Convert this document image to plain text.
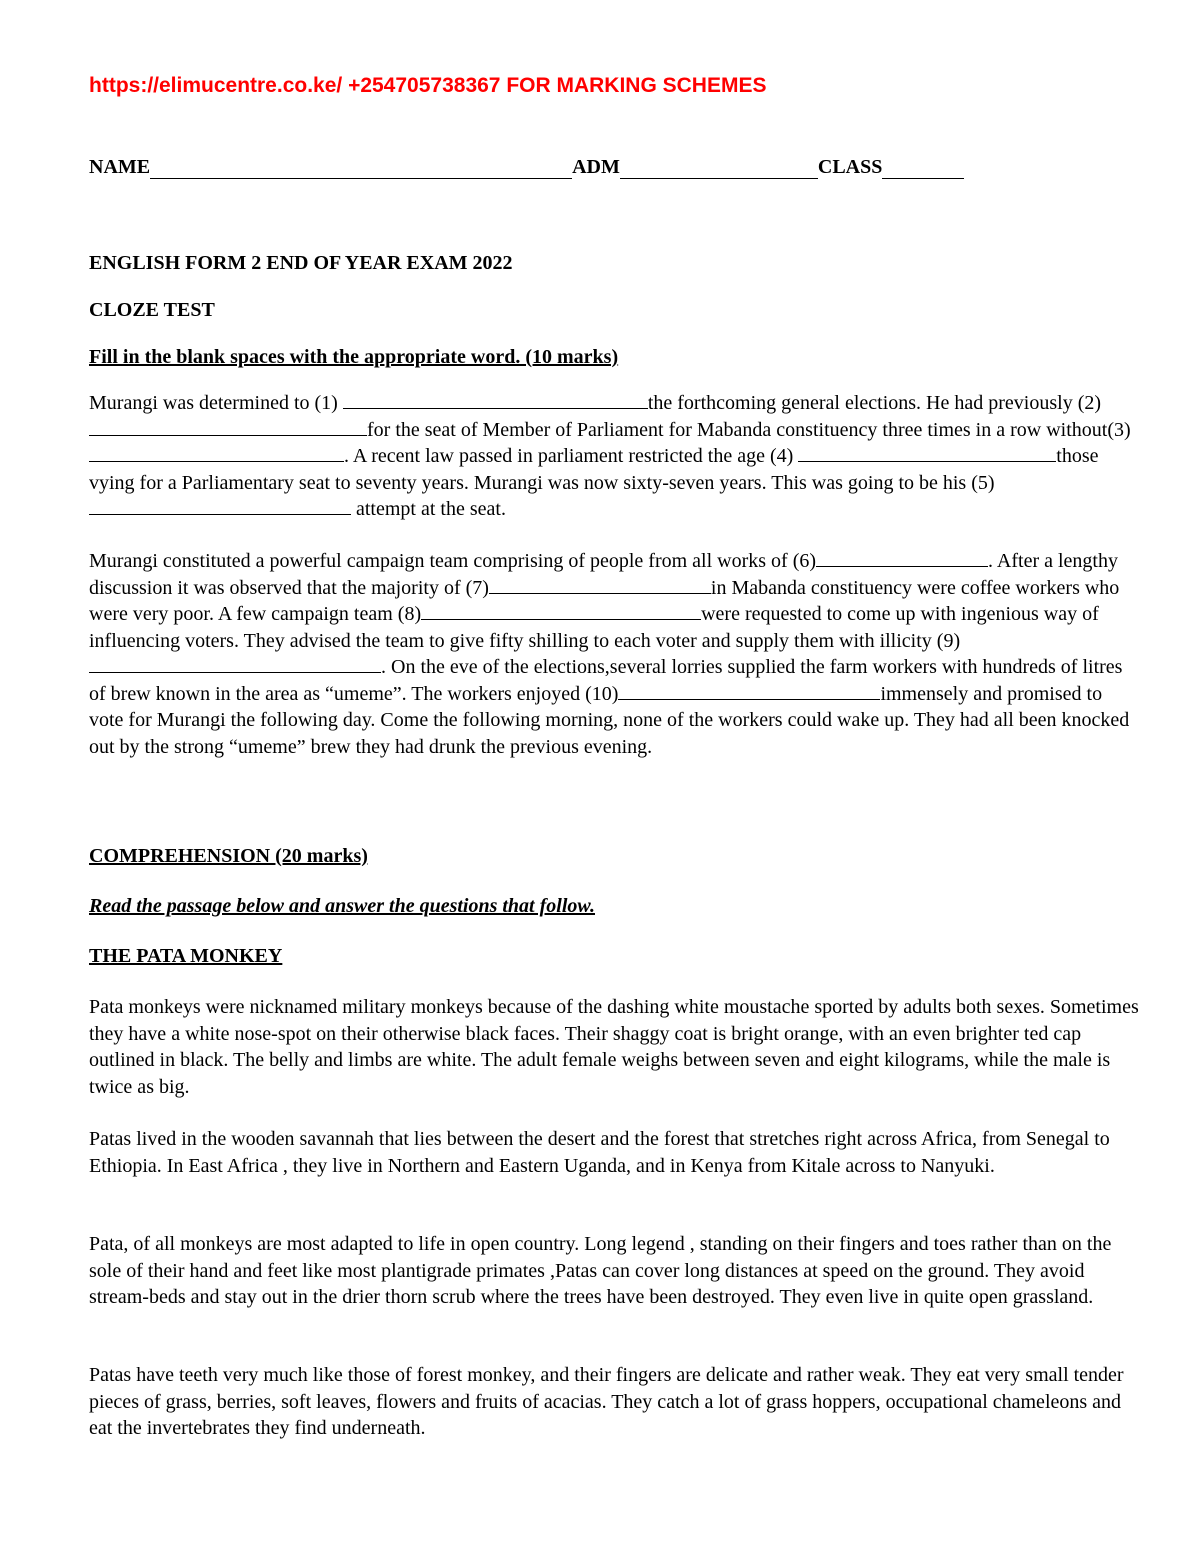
https://elimucentre.co.ke/ +254705738367 FOR MARKING SCHEMES
NAME	ADM	CLASS
ENGLISH FORM 2 END OF YEAR EXAM 2022
CLOZE TEST
Fill in the blank spaces with the appropriate word. (10 marks)

Murangi was determined to (1)	the forthcoming general elections. He had previously (2)for the seat of Member of Parliament for Mabanda constituency three times in a row without(3). A recent law passed in parliament restricted the age (4)	those vying for a Parliamentary seat to seventy years. Murangi was now sixty-seven years. This was going to be his (5)  attempt at the seat.

Murangi constituted a powerful campaign team comprising of people from all works of (6)	. After a lengthy discussion it was observed that the majority of (7)	in Mabanda constituency were coffee workers who were very poor. A few campaign team (8)	were requested to come up with ingenious way of influencing voters. They advised the team to give fifty shilling to each voter and supply them with illicity (9). On the eve of the elections,several lorries supplied the farm workers with hundreds of litres of brew known in the area as “umeme”. The workers enjoyed (10)	immensely and promised to vote for Murangi the following day. Come the following morning, none of the workers could wake up. They had all been knocked out by the strong “umeme” brew they had drunk the previous evening.

COMPREHENSION (20 marks)
Read the passage below and answer the questions that follow.
THE PATA MONKEY
Pata monkeys were nicknamed military monkeys because of the dashing white moustache sported by adults both sexes. Sometimes they have a white nose-spot on their otherwise black faces. Their shaggy coat is bright orange, with an even brighter ted cap outlined in black. The belly and limbs are white. The adult female weighs between seven and eight kilograms, while the male is twice as big.
Patas lived in the wooden savannah that lies between the desert and the forest that stretches right across Africa, from Senegal to Ethiopia. In East Africa , they live in Northern and Eastern Uganda, and in Kenya from Kitale across to Nanyuki.
Pata, of all monkeys are most adapted to life in open country. Long legend , standing on their fingers and toes rather than on the sole of their hand and feet like most plantigrade primates ,Patas can cover long distances at speed on the ground. They avoid stream-beds and stay out in the drier thorn scrub where the trees have been destroyed. They even live in quite open grassland.
Patas have teeth very much like those of forest monkey, and their fingers are delicate and rather weak. They eat very small tender pieces of grass, berries, soft leaves, flowers and fruits of acacias. They catch a lot of grass hoppers, occupational chameleons and eat the invertebrates they find underneath.
